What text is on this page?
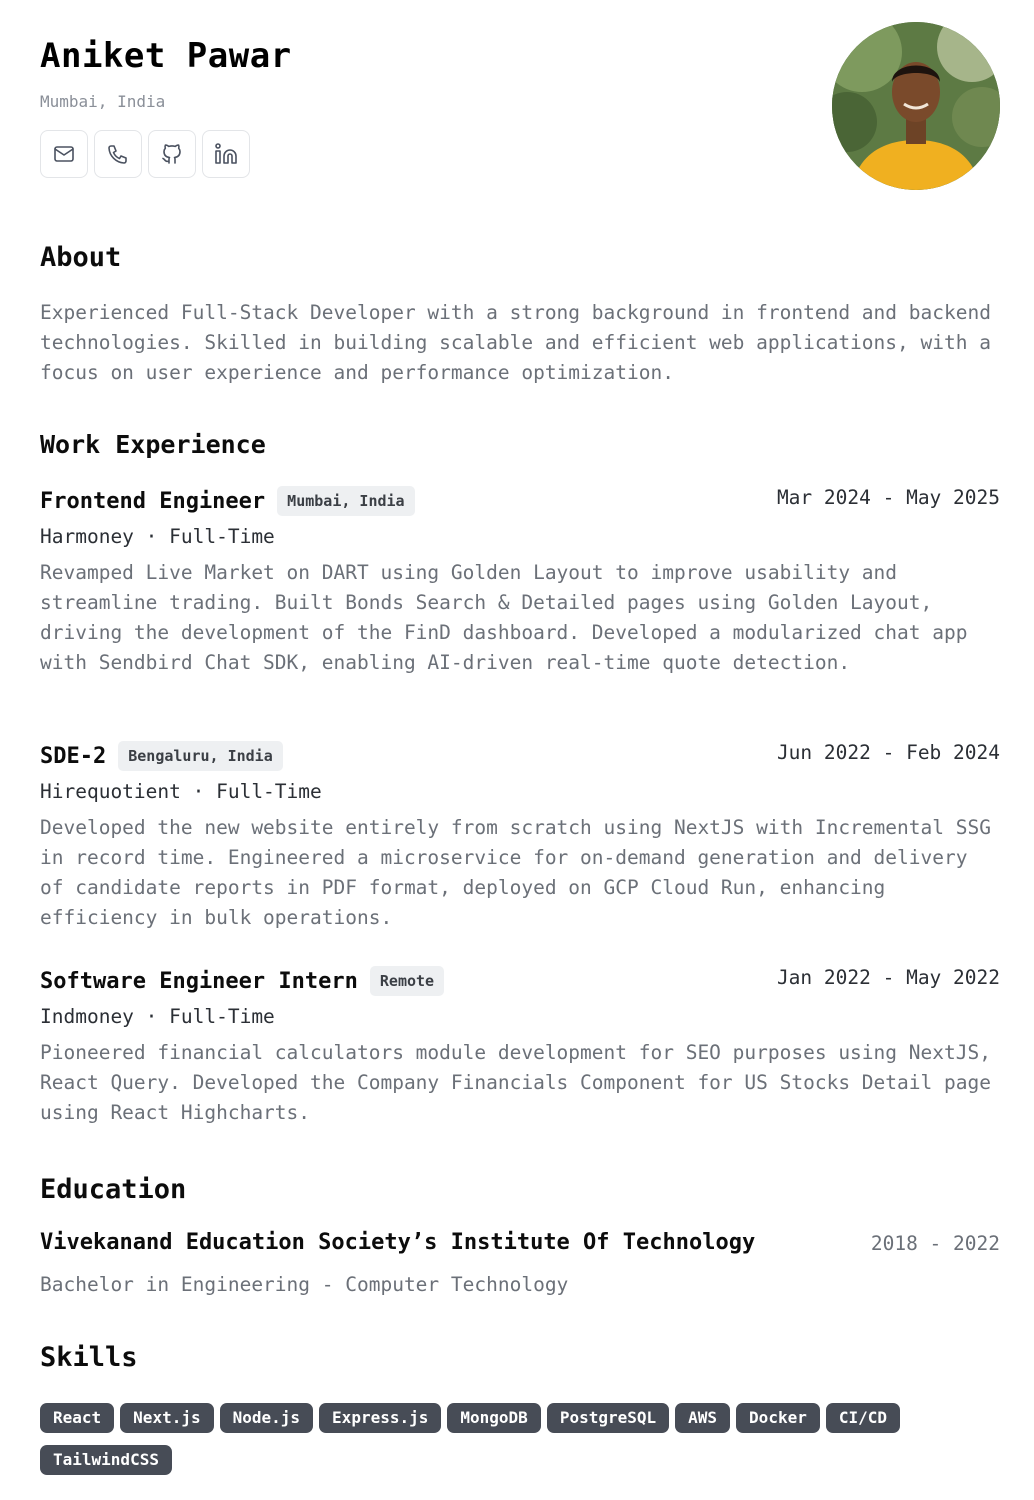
Aniket Pawar
Mumbai, India
About
Experienced Full-Stack Developer with a strong background in frontend and backend technologies. Skilled in building scalable and efficient web applications, with a focus on user experience and performance optimization.
Work Experience
Frontend Engineer	Mumbai, India	Mar 2024 - May 2025
Harmoney · Full-Time
Revamped Live Market on DART using Golden Layout to improve usability and streamline trading. Built Bonds Search & Detailed pages using Golden Layout, driving the development of the FinD dashboard. Developed a modularized chat app with Sendbird Chat SDK, enabling AI-driven real-time quote detection.
SDE-2	Bengaluru, India	Jun 2022 - Feb 2024
Hirequotient · Full-Time
Developed the new website entirely from scratch using NextJS with Incremental SSG in record time. Engineered a microservice for on-demand generation and delivery of candidate reports in PDF format, deployed on GCP Cloud Run, enhancing efficiency in bulk operations.
Software Engineer Intern	Remote	Jan 2022 - May 2022
Indmoney · Full-Time
Pioneered financial calculators module development for SEO purposes using NextJS, React Query. Developed the Company Financials Component for US Stocks Detail page using React Highcharts.
Education
Vivekanand Education Society’s Institute Of Technology	2018 - 2022
Bachelor in Engineering - Computer Technology
Skills
React	Next.js	Node.js	Express.js	MongoDB	PostgreSQL	AWS	Docker	CI/CD
TailwindCSS
